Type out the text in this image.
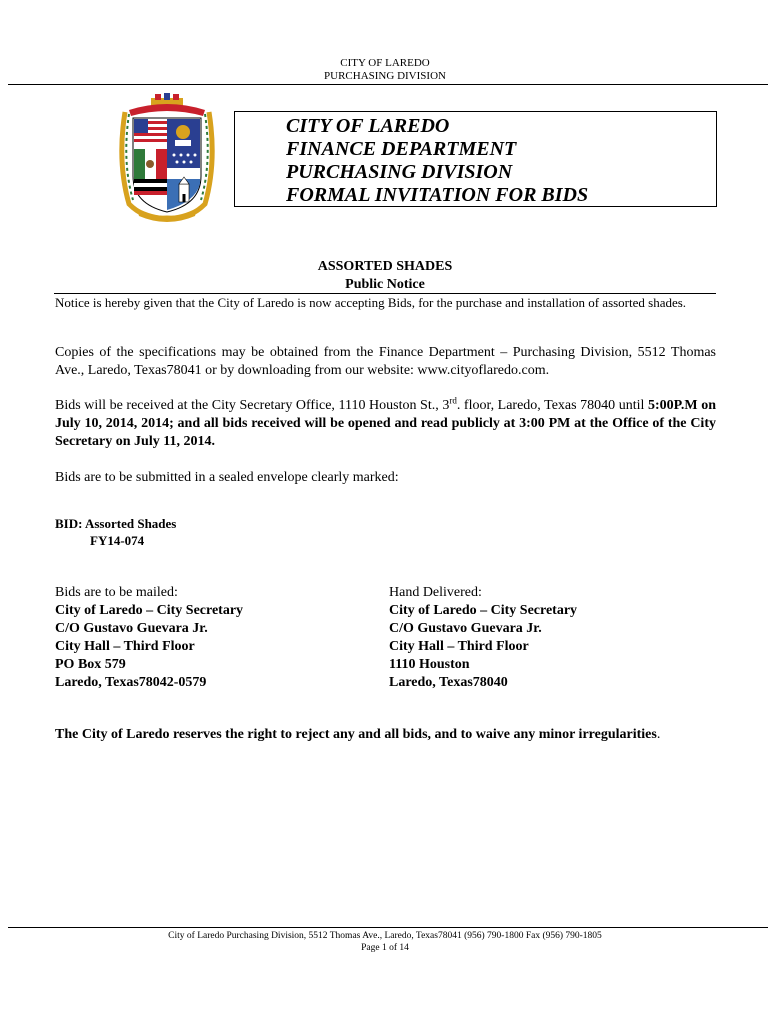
CITY OF LAREDO
PURCHASING DIVISION
CITY OF LAREDO
FINANCE DEPARTMENT
PURCHASING DIVISION
FORMAL INVITATION FOR BIDS
ASSORTED SHADES
Public Notice
Notice is hereby given that the City of Laredo is now accepting Bids, for the purchase and installation of assorted shades.
Copies of the specifications may be obtained from the Finance Department – Purchasing Division, 5512 Thomas Ave., Laredo, Texas78041 or by downloading from our website: www.cityoflaredo.com.
Bids will be received at the City Secretary Office, 1110 Houston St., 3rd. floor, Laredo, Texas 78040 until 5:00P.M on July 10, 2014, 2014; and all bids received will be opened and read publicly at 3:00 PM at the Office of the City Secretary on July 11, 2014.
Bids are to be submitted in a sealed envelope clearly marked:
BID: Assorted Shades
FY14-074
Bids are to be mailed:
City of Laredo – City Secretary
C/O Gustavo Guevara Jr.
City Hall – Third Floor
PO Box 579
Laredo, Texas78042-0579
Hand Delivered:
City of Laredo – City Secretary
C/O Gustavo Guevara Jr.
City Hall – Third Floor
1110 Houston
Laredo, Texas78040
The City of Laredo reserves the right to reject any and all bids, and to waive any minor irregularities.
City of Laredo Purchasing Division, 5512 Thomas Ave., Laredo, Texas78041 (956) 790-1800 Fax (956) 790-1805
Page 1 of 14
